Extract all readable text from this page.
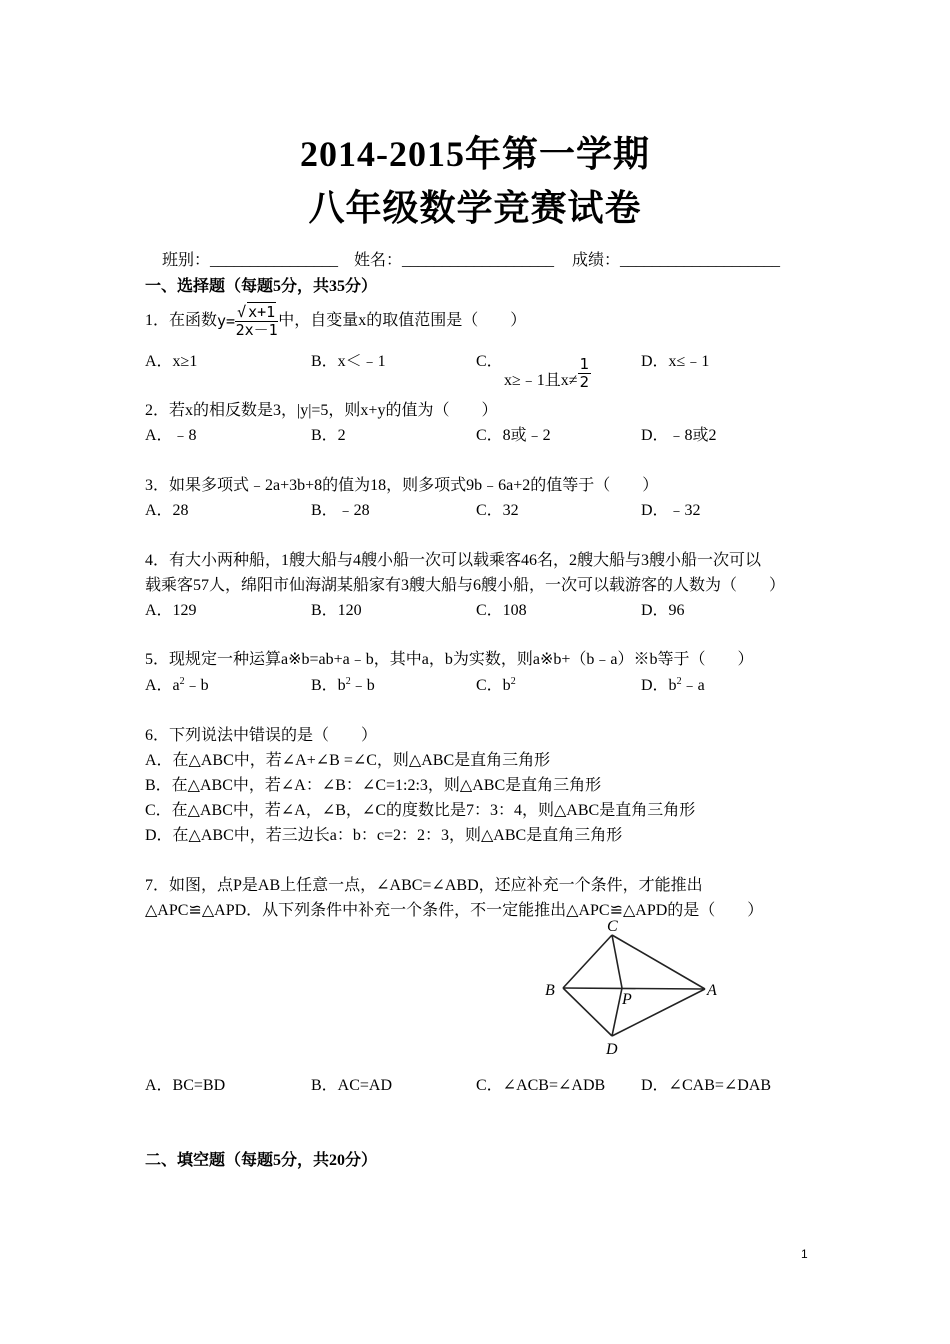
2014-2015年第一学期
八年级数学竞赛试卷
班别：________________ 姓名：___________________ 成绩：____________________
一、选择题（每题5分，共35分）
1．在函数 $y= \frac{√ x+1}{2x-1}$ 中，自变量x的取值范围是（　　）
A．x≥1	B．x＜﹣1	C．
x≥﹣1且$x\ne \frac{1}{2}$	D．x≤﹣1
2．若x的相反数是3，|y|=5，则x+y的值为（　　）
A．﹣8	B．2	C．8或﹣2	D．﹣8或2
3．如果多项式﹣2a+3b+8的值为18，则多项式9b﹣6a+2的值等于（　　）
A．28	B．﹣28	C．32	D．﹣32
4．有大小两种船，1艘大船与4艘小船一次可以载乘客46名，2艘大船与3艘小船一次可以
载乘客57人，绵阳市仙海湖某船家有3艘大船与6艘小船，一次可以载游客的人数为（　　）
A．129	B．120	C．108	D．96
5．现规定一种运算a※b=ab+a﹣b，其中a，b为实数，则a※b+（b﹣a）※b等于（　　）
A．$a^2﹣b$	B．$b^2﹣b$	C．$b^2$	D．$b^2﹣a$
6．下列说法中错误的是（　　）
A．在△ABC中，若∠A+∠B =∠C，则△ABC是直角三角形
B．在△ABC中，若∠A：∠B：∠C=1:2:3，则△ABC是直角三角形
C．在△ABC中，若∠A，∠B，∠C的度数比是7：3：4，则△ABC是直角三角形
D．在△ABC中，若三边长a：b：c=2：2：3，则△ABC是直角三角形
7．如图，点P是AB上任意一点，∠ABC=∠ABD，还应补充一个条件，才能推出
△APC≌△APD．从下列条件中补充一个条件，不一定能推出△APC≌△APD的是（　　）
C
B
P
A
D
A．BC=BD	B．AC=AD	C．∠ACB=∠ADB D．∠CAB=∠DAB
二、填空题（每题5分，共20分）
1
